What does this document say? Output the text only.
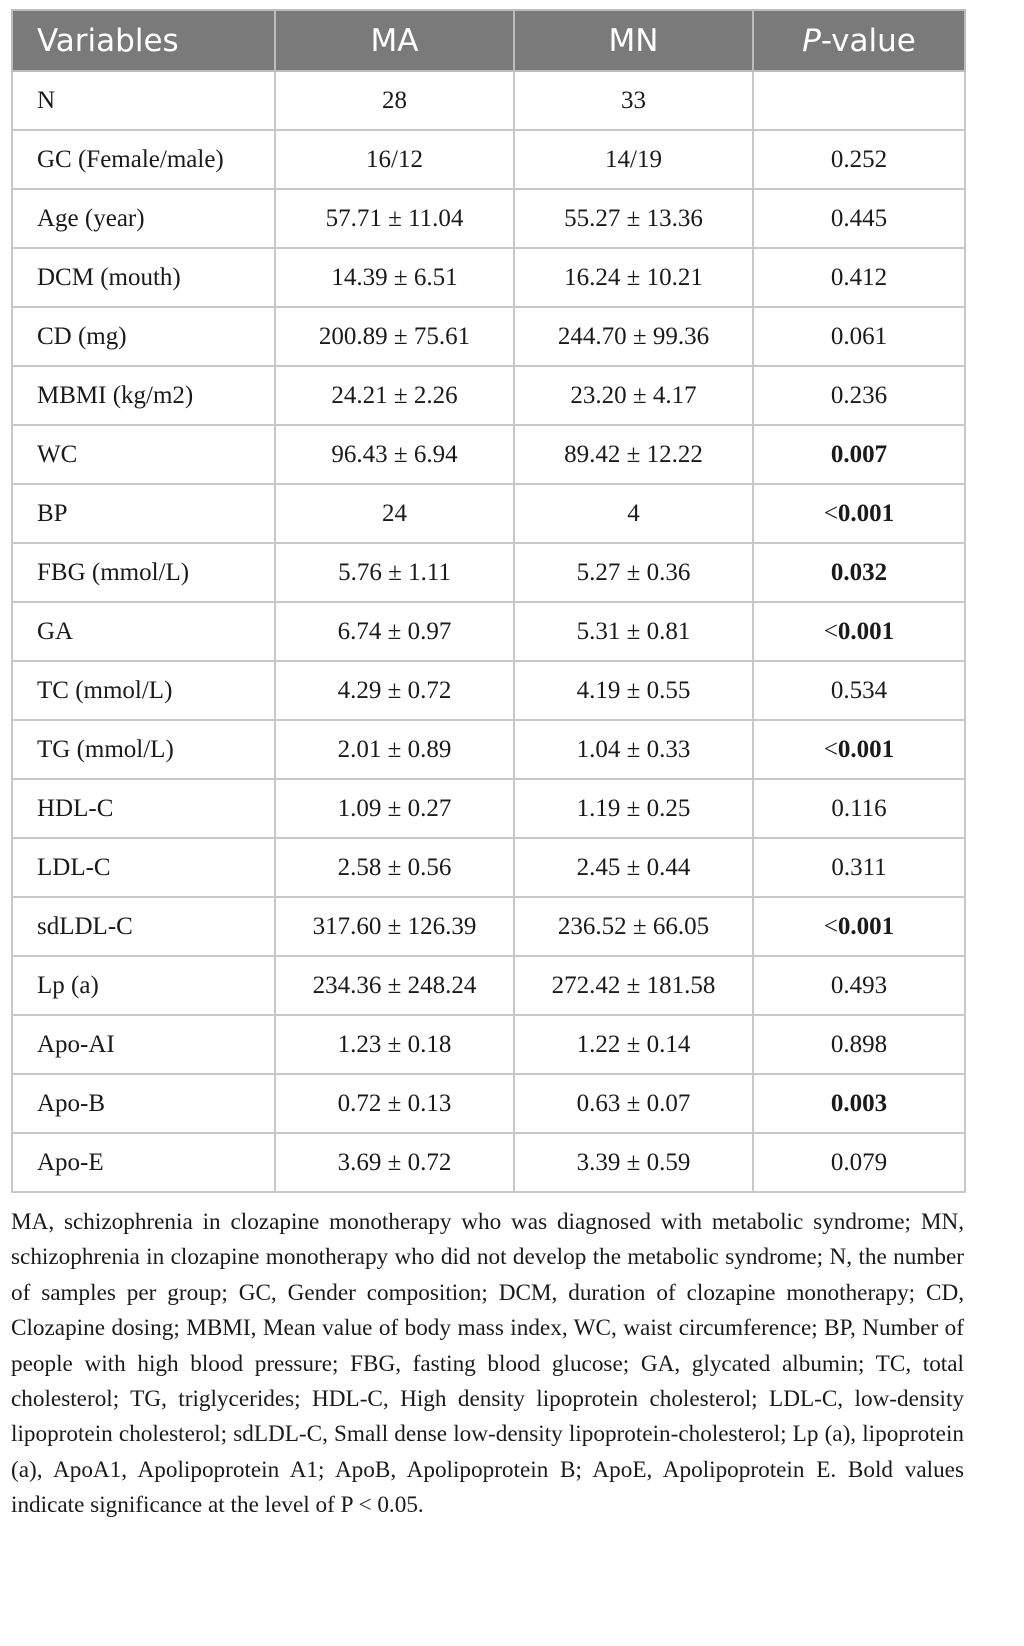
Variables	MA	MN	P-value
N	28	33	
GC (Female/male)	16/12	14/19	0.252
Age (year)	57.71 ± 11.04	55.27 ± 13.36	0.445
DCM (mouth)	14.39 ± 6.51	16.24 ± 10.21	0.412
CD (mg)	200.89 ± 75.61	244.70 ± 99.36	0.061
MBMI (kg/m2)	24.21 ± 2.26	23.20 ± 4.17	0.236
WC	96.43 ± 6.94	89.42 ± 12.22	0.007
BP	24	4	<0.001
FBG (mmol/L)	5.76 ± 1.11	5.27 ± 0.36	0.032
GA	6.74 ± 0.97	5.31 ± 0.81	<0.001
TC (mmol/L)	4.29 ± 0.72	4.19 ± 0.55	0.534
TG (mmol/L)	2.01 ± 0.89	1.04 ± 0.33	<0.001
HDL-C	1.09 ± 0.27	1.19 ± 0.25	0.116
LDL-C	2.58 ± 0.56	2.45 ± 0.44	0.311
sdLDL-C	317.60 ± 126.39	236.52 ± 66.05	<0.001
Lp (a)	234.36 ± 248.24	272.42 ± 181.58	0.493
Apo-AI	1.23 ± 0.18	1.22 ± 0.14	0.898
Apo-B	0.72 ± 0.13	0.63 ± 0.07	0.003
Apo-E	3.69 ± 0.72	3.39 ± 0.59	0.079
MA, schizophrenia in clozapine monotherapy who was diagnosed with metabolic syndrome; MN, schizophrenia in clozapine monotherapy who did not develop the metabolic syndrome; N, the number of samples per group; GC, Gender composition; DCM, duration of clozapine monotherapy; CD, Clozapine dosing; MBMI, Mean value of body mass index, WC, waist circumference; BP, Number of people with high blood pressure; FBG, fasting blood glucose; GA, glycated albumin; TC, total cholesterol; TG, triglycerides; HDL-C, High density lipoprotein cholesterol; LDL-C, low-density lipoprotein cholesterol; sdLDL-C, Small dense low-density lipoprotein-cholesterol; Lp (a), lipoprotein (a), ApoA1, Apolipoprotein A1; ApoB, Apolipoprotein B; ApoE, Apolipoprotein E. Bold values indicate significance at the level of P < 0.05.
